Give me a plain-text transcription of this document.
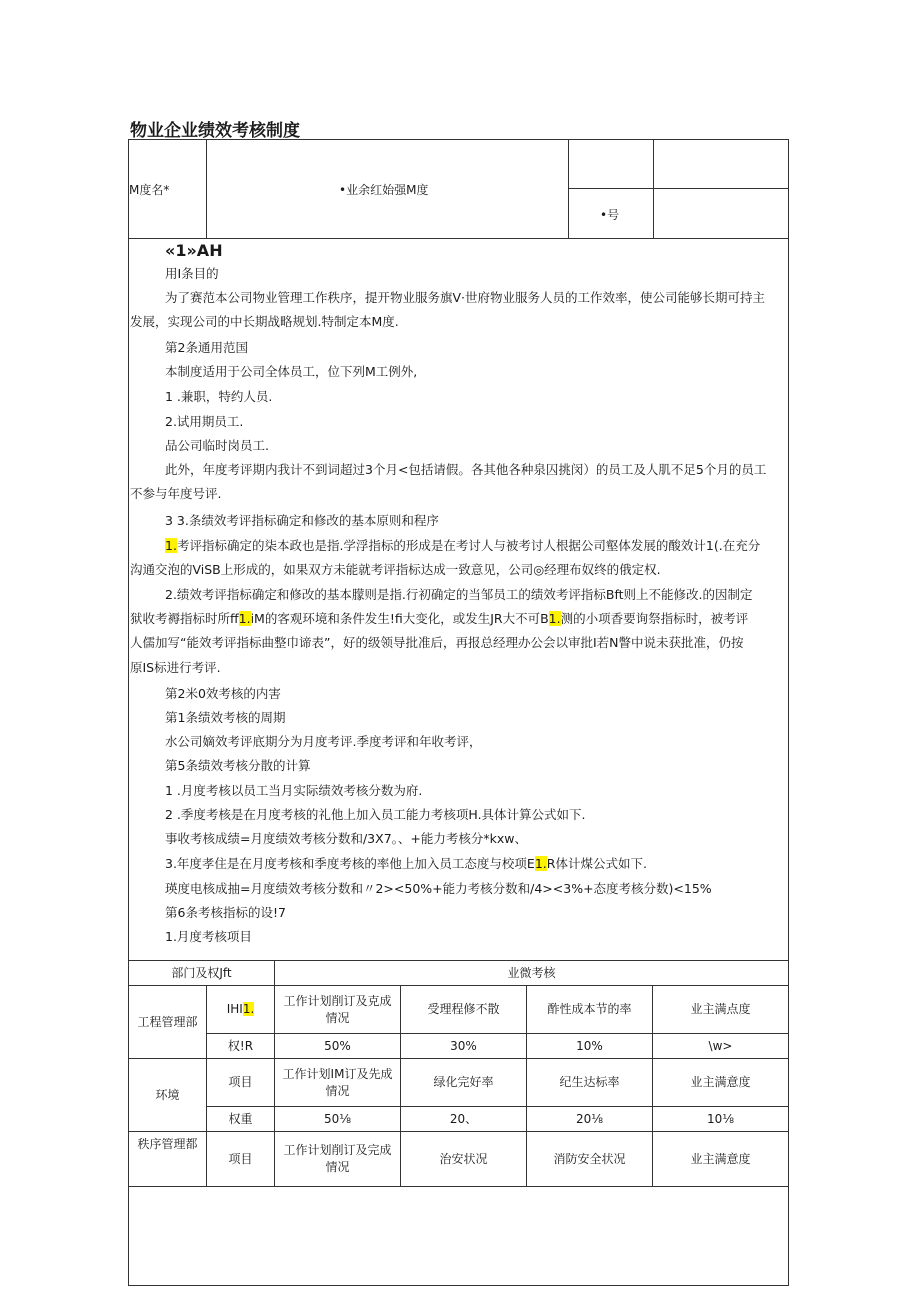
物业企业绩效考核制度
M度名*	•业余红始强M度
•号
«1»AH
用I条目的
为了赛范本公司物业管理工作秩序，提开物业服务旗V·世府物业服务人员的工作效率，使公司能够长期可持主
发展，实现公司的中长期战略规划.特制定本M度.
第2条通用范国
本制度适用于公司全体员工，位下列M工例外,
1 .兼职，特约人员.
2.试用期员工.
品公司临时岗员工.
此外，年度考评期内我计不到词超过3个月<包括请假。各其他各种泉囚挑闵）的员工及人肌不足5个月的员工
不参与年度号评.
3 3.条绩效考评指标确定和修改的基本原则和程序
1.考评指标确定的柒本政也是指.学浮指标的形成是在考讨人与被考讨人根据公司壑体发展的酸效计1(.在充分
沟通交泡的ViSB上形成的，如果双方未能就考评指标达成一致意见，公司◎经理布奴终的俄定权.
2.绩效考评指标确定和修改的基本朦则是指.行初确定的当邹员工的绩效考评指标Bft则上不能修改.的因制定
狱收考褥指标时所ff1.iM的客观环境和条件发生!fi大变化，或发生JR大不可B1.测的小项香要询祭指标时，被考评
人儒加写“能效考评指标曲整巾谛表”，好的级领导批准后，再报总经理办公会以审批I若N瞥中说未获批准，仍按
原IS标进行考评.
第2米0效考核的内害
第1条绩效考核的周期
水公司嫡效考评底期分为月度考评.季度考评和年收考评，
第5条绩效考核分散的计算
1 .月度考核以员工当月实际绩效考核分数为府.
2 .季度考核是在月度考核的礼他上加入员工能力考核项H.具体计算公式如下.
事收考核成绩=月度绩效考核分数和/3X7。、+能力考核分*kxw、
3.年度孝住是在月度考核和季度考核的率他上加入员工态度与校项E1.R体计煤公式如下.
瑛度电核成抽=月度绩效考核分数和〃2><50%+能力考核分数和/4><3%+态度考核分数)<15%
第6条考核指标的设!7
1.月度考核项目
部门及权Jft		业微考核			
工程管理部	IHI1.	工作计划削订及克成情况	受理程修不散	酢性成本节的率	业主满点度
	权!R	50%	30%	10%	\w>
环境	项目	工作计划IM订及先成情况	绿化完好率	纪生达标率	业主满意度
	权重	50⅛	20、	20⅛	10⅛
秩序管理都	项目	工作计划削订及完成情况	治安状况	消防安全状况	业主满意度
